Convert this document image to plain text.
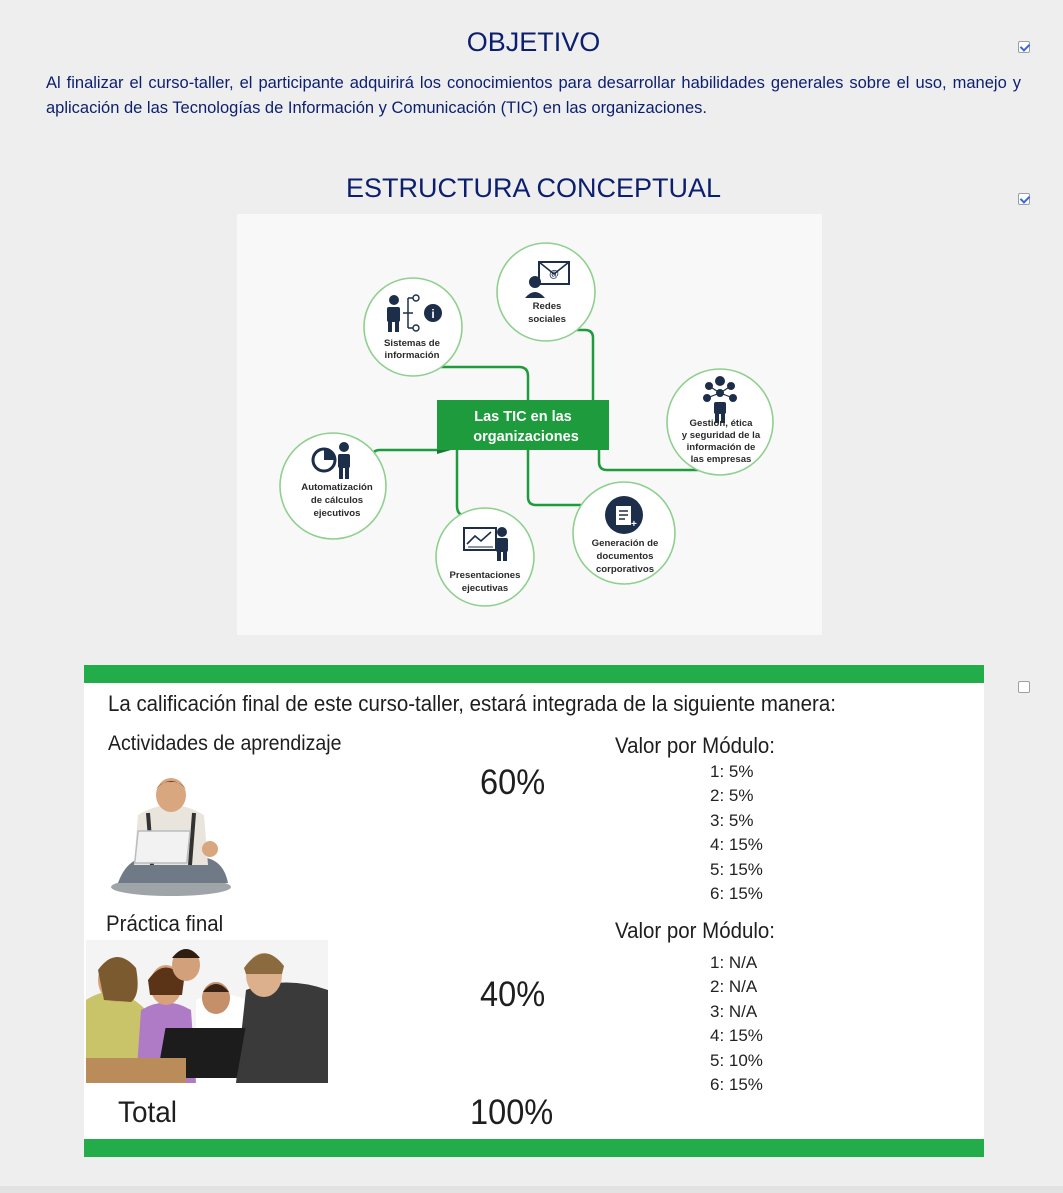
OBJETIVO

Al finalizar el curso-taller, el participante adquirirá los conocimientos para desarrollar habilidades generales sobre el uso, manejo y aplicación de las Tecnologías de Información y Comunicación (TIC) en las organizaciones.

ESTRUCTURA CONCEPTUAL
Las TIC en las
organizaciones
i
@
+
Sistemas de
información
Redes
sociales
Gestión, ética
y seguridad de la
información de
las empresas
Automatización
de cálculos
ejecutivos
Presentaciones
ejecutivas
Generación de
documentos
corporativos
La calificación final de este curso-taller, estará integrada de la siguiente manera:
Actividades de aprendizaje
60%
Valor por Módulo:
1: 5%
2: 5%
3: 5%
4: 15%
5: 15%
6: 15%
Práctica final
40%
Valor por Módulo:
1: N/A
2: N/A
3: N/A
4: 15%
5: 10%
6: 15%
Total	100%
